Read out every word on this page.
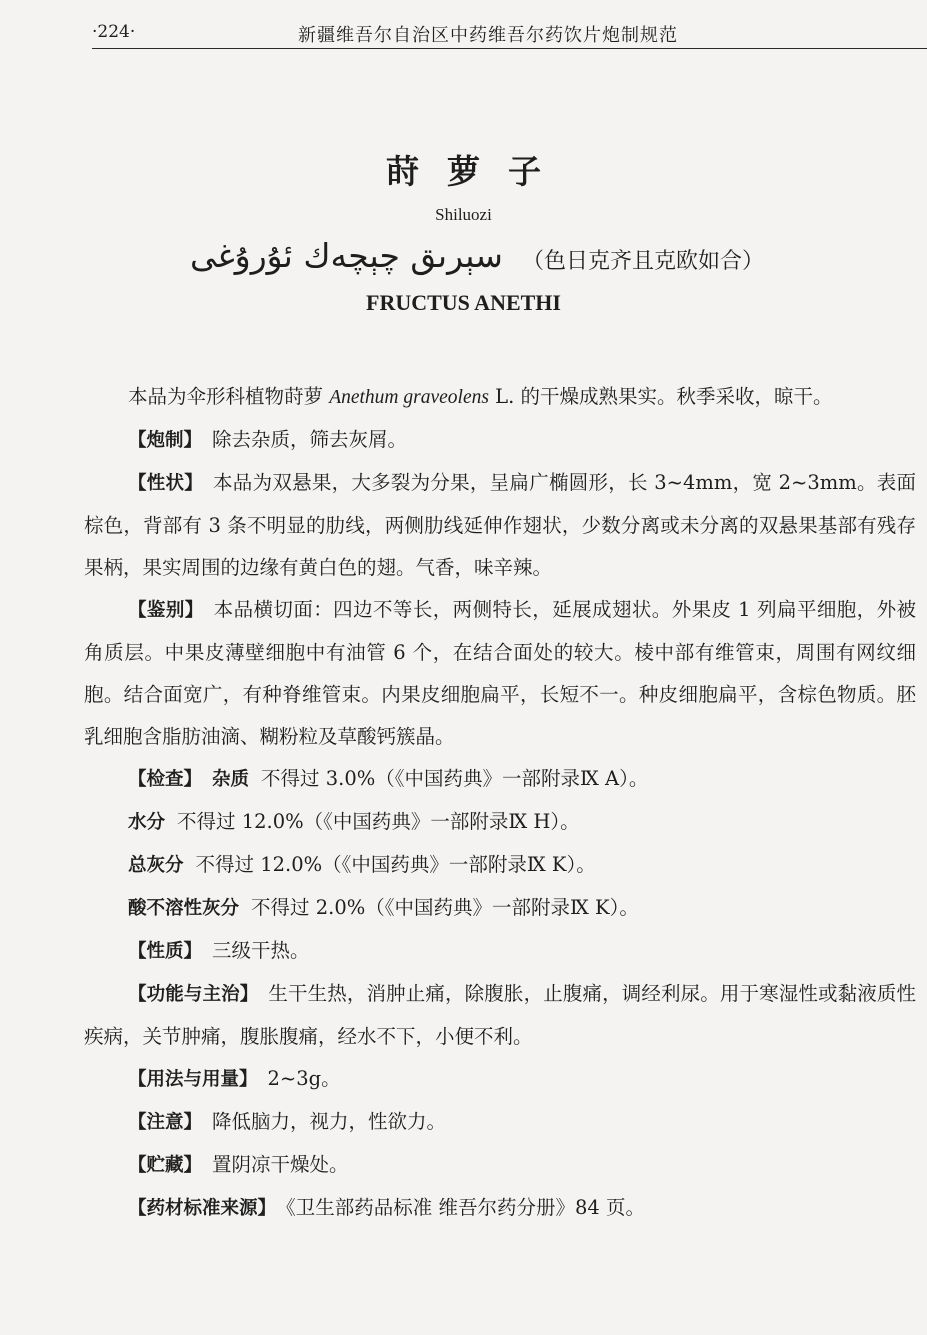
·224·	新疆维吾尔自治区中药维吾尔药饮片炮制规范
莳萝子
Shiluozi
سېرىق چېچەك ئۇرۇغى （色日克齐且克欧如合）
FRUCTUS ANETHI

本品为伞形科植物莳萝 Anethum graveolens L. 的干燥成熟果实。秋季采收，晾干。

【炮制】 除去杂质，筛去灰屑。

【性状】 本品为双悬果，大多裂为分果，呈扁广椭圆形，长 3~4mm，宽 2~3mm。表面棕色，背部有 3 条不明显的肋线，两侧肋线延伸作翅状，少数分离或未分离的双悬果基部有残存果柄，果实周围的边缘有黄白色的翅。气香，味辛辣。

【鉴别】 本品横切面：四边不等长，两侧特长，延展成翅状。外果皮 1 列扁平细胞，外被角质层。中果皮薄壁细胞中有油管 6 个，在结合面处的较大。棱中部有维管束，周围有网纹细胞。结合面宽广，有种脊维管束。内果皮细胞扁平，长短不一。种皮细胞扁平，含棕色物质。胚乳细胞含脂肪油滴、糊粉粒及草酸钙簇晶。

【检查】 杂质 不得过 3.0%（《中国药典》一部附录Ⅸ A）。

水分 不得过 12.0%（《中国药典》一部附录Ⅸ H）。

总灰分 不得过 12.0%（《中国药典》一部附录Ⅸ K）。

酸不溶性灰分 不得过 2.0%（《中国药典》一部附录Ⅸ K）。

【性质】 三级干热。

【功能与主治】 生干生热，消肿止痛，除腹胀，止腹痛，调经利尿。用于寒湿性或黏液质性疾病，关节肿痛，腹胀腹痛，经水不下，小便不利。

【用法与用量】 2~3g。

【注意】 降低脑力，视力，性欲力。

【贮藏】 置阴凉干燥处。

【药材标准来源】 《卫生部药品标准 维吾尔药分册》84 页。
